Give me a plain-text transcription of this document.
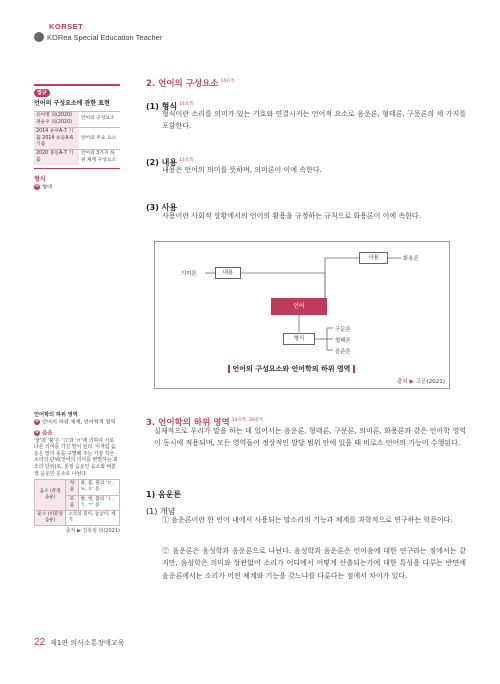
KORSET
KOReа Special Education Teacher
법규
언어의 구성요소에 관한 표현
유아명 외(2020) 권순우 외(2020)	언어의 구성요소
2014 유아A-7 기출 2014 초등A-6 기출	언어의 주요 요소
2020 중등A-7 기출	언어의 3가지 하위 체계 구성요소
형식
⊕ 형태
언어학의 하위 영역
⊕ 언어의 하위 체계, 언어학적 영역
⊕ 음운
'물'과 '불'은 'ㅁ'과 'ㅂ'에 의하여 서로 다른 의미를 가진 말이 된다. 이처럼 음운은 말의 뜻을 구별해 주는 가장 작은 소리의 단위(언어의 의미를 변별하는 최소의 단위)로, 분절 음운인 음소와 비분절 음운인 운소로 나뉜다.
음소 (분절 음운)	자음	물, 불, 풀의 'ㅁ, ㅂ, ㅍ' 등
	모음	발, 벌, 불의 'ㅏ, ㅓ, ㅜ' 등
운소 (비분절 음운)	소리의 길이, 높낮이, 세기	
출처 ▶ 김홍범 외(2021)
2. 언어의 구성요소 $^{14유특}$
(1) 형식 $^{14초특}$
형식이란 소리를 의미가 있는 기호와 연결시키는 언어적 요소로 음운론, 형태론, 구문론의 세 가지를 포함한다.
(2) 내용 $^{14초특}$
내용은 언어의 의미를 뜻하며, 의미론이 이에 속한다.
(3) 사용
사용이란 사회적 상황에서의 언어의 활용을 규정하는 규칙으로 화용론이 이에 속한다.
의미론	내용
사용	화용론
언어
형식
구문론
형태론
음운론
언어의 구성요소와 언어학의 하위 영역
출처 ▶ 고은(2021)
3. 언어학의 하위 영역 $^{14유특, 20중특}$
실제적으로 우리가 말을 하는 데 있어서는 음운론, 형태론, 구문론, 의미론, 화용론과 같은 언어학 영역이 동시에 적용되며, 모든 영역들이 정상적인 발달 범위 안에 있을 때 비로소 언어의 기능이 수행된다.
1) 음운론
(1) 개념
① 음운론이란 한 언어 내에서 사용되는 말소리의 기능과 체계를 과학적으로 연구하는 학문이다.
② 음운론은 음성학과 음운론으로 나뉜다. 음성학과 음운론은 언어음에 대한 연구라는 점에서는 같지만, 음성학은 의미와 상관없이 소리가 어디에서 어떻게 산출되는가에 대한 특성을 다루는 반면에 음운론에서는 소리가 어떤 체계와 기능을 갖느냐를 다룬다는 점에서 차이가 있다.
22 제1편 의사소통장애교육
